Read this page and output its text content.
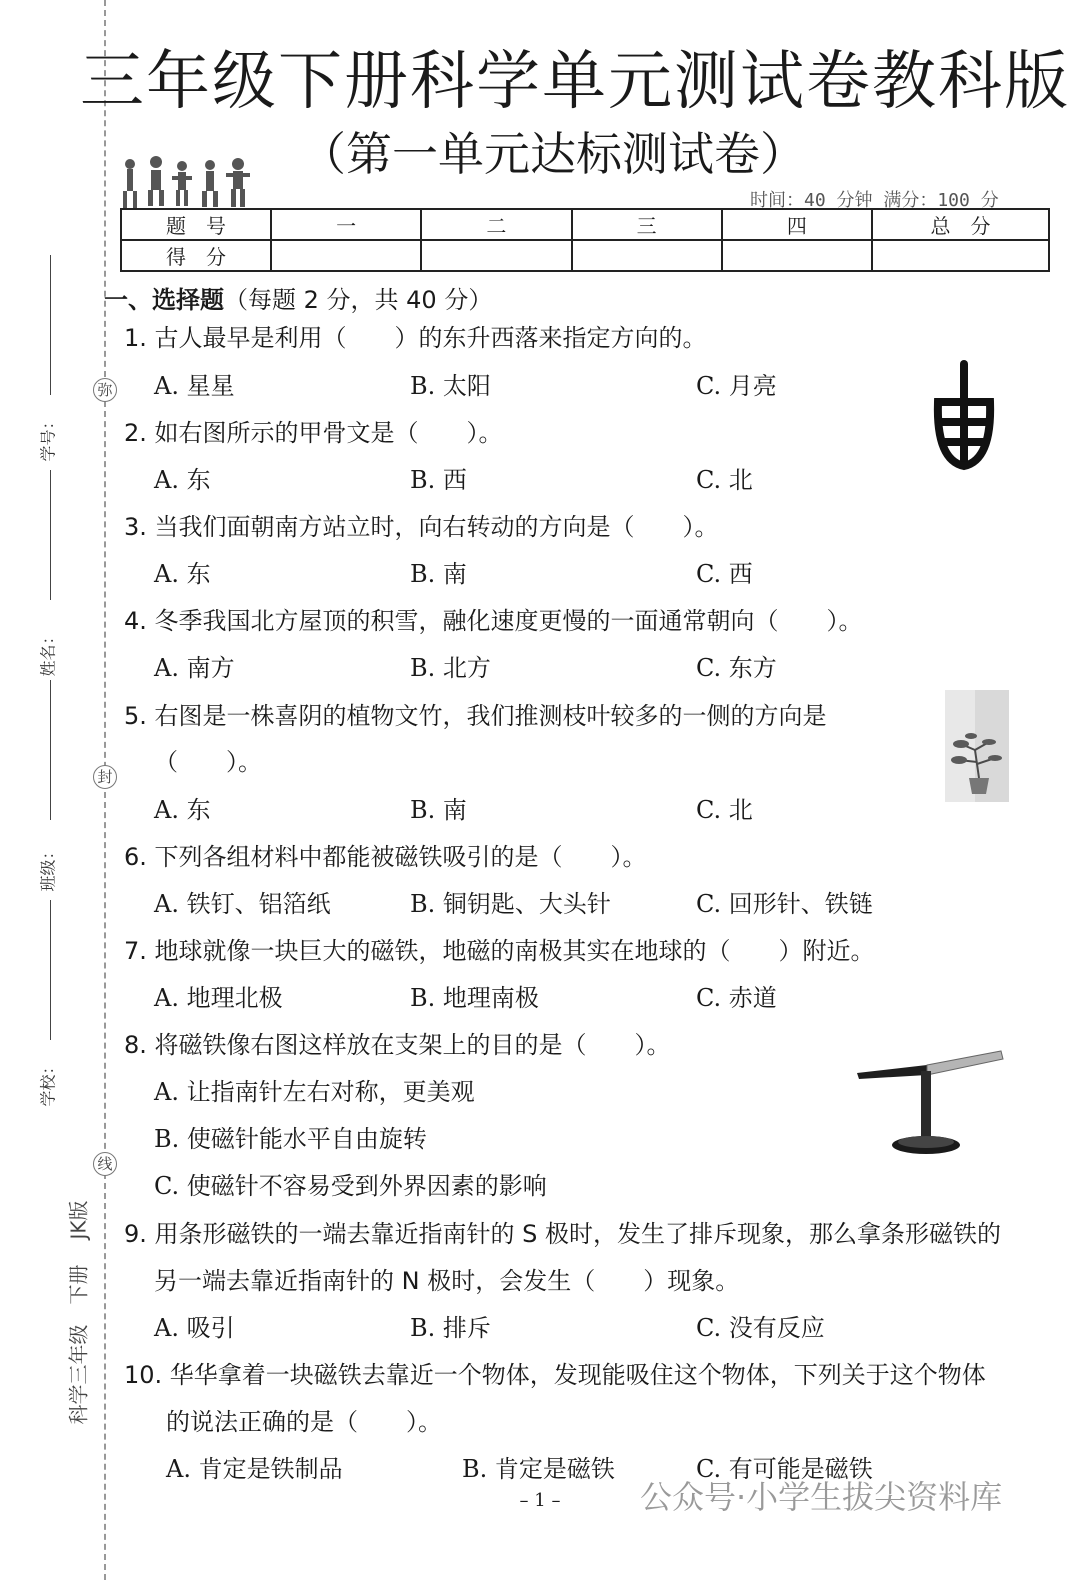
弥
封
线
学号：
姓名：
班级：
学校：
JK版
下册
科学三年级
三年级下册科学单元测试卷教科版
（第一单元达标测试卷）
时间：40 分钟 满分：100 分
题　号	一	二	三	四	总　分
得　分					
一、选择题（每题 2 分，共 40 分）
1. 古人最早是利用（　　）的东升西落来指定方向的。
A. 星星	B. 太阳	C. 月亮
2. 如右图所示的甲骨文是（　　）。
A. 东	B. 西	C. 北
3. 当我们面朝南方站立时，向右转动的方向是（　　）。
A. 东	B. 南	C. 西
4. 冬季我国北方屋顶的积雪，融化速度更慢的一面通常朝向（　　）。
A. 南方	B. 北方	C. 东方
5. 右图是一株喜阴的植物文竹，我们推测枝叶较多的一侧的方向是
（　　）。
A. 东	B. 南	C. 北
6. 下列各组材料中都能被磁铁吸引的是（　　）。
A. 铁钉、铝箔纸	B. 铜钥匙、大头针	C. 回形针、铁链
7. 地球就像一块巨大的磁铁，地磁的南极其实在地球的（　　）附近。
A. 地理北极	B. 地理南极	C. 赤道
8. 将磁铁像右图这样放在支架上的目的是（　　）。
A. 让指南针左右对称，更美观
B. 使磁针能水平自由旋转
C. 使磁针不容易受到外界因素的影响
9. 用条形磁铁的一端去靠近指南针的 S 极时，发生了排斥现象，那么拿条形磁铁的
另一端去靠近指南针的 N 极时，会发生（　　）现象。
A. 吸引	B. 排斥	C. 没有反应
10. 华华拿着一块磁铁去靠近一个物体，发现能吸住这个物体，下列关于这个物体
的说法正确的是（　　）。
A. 肯定是铁制品	B. 肯定是磁铁	C. 有可能是磁铁
– 1 –	公众号·小学生拔尖资料库
